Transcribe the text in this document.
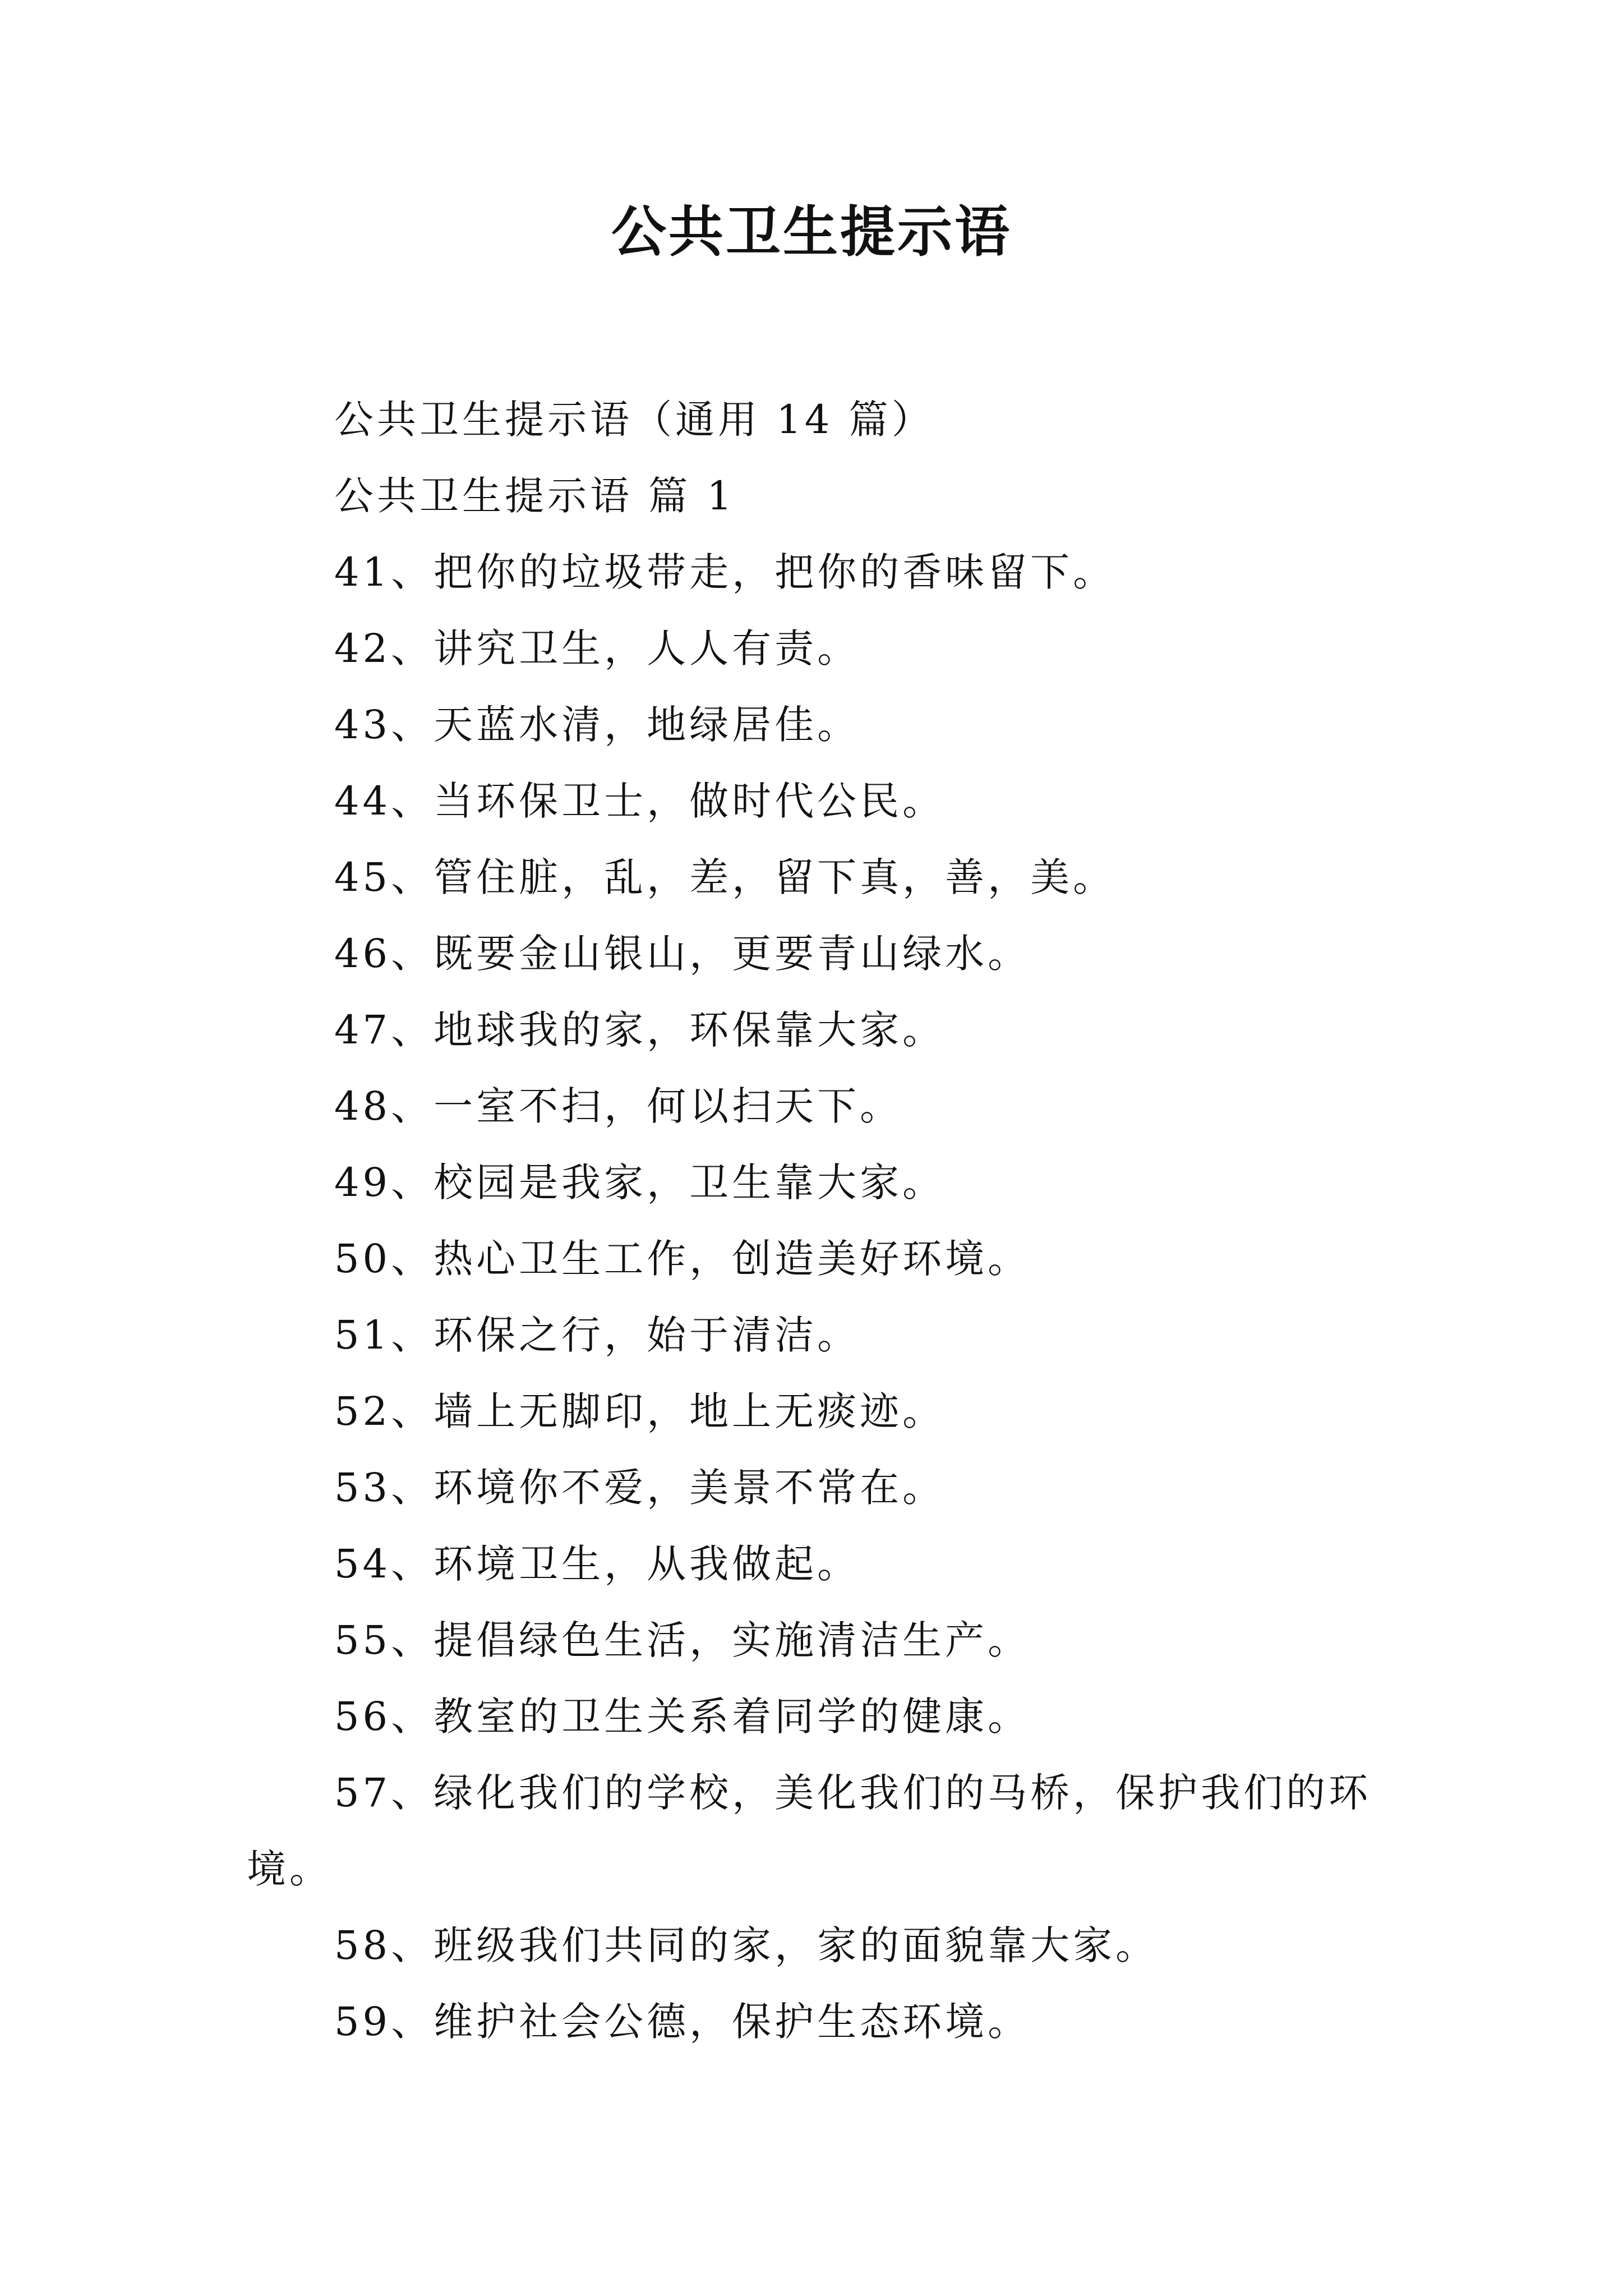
公共卫生提示语

公共卫生提示语（通用 14 篇）

公共卫生提示语 篇 1

41、把你的垃圾带走，把你的香味留下。

42、讲究卫生，人人有责。

43、天蓝水清，地绿居佳。

44、当环保卫士，做时代公民。

45、管住脏，乱，差，留下真，善，美。

46、既要金山银山，更要青山绿水。

47、地球我的家，环保靠大家。

48、一室不扫，何以扫天下。

49、校园是我家，卫生靠大家。

50、热心卫生工作，创造美好环境。

51、环保之行，始于清洁。

52、墙上无脚印，地上无痰迹。

53、环境你不爱，美景不常在。

54、环境卫生，从我做起。

55、提倡绿色生活，实施清洁生产。

56、教室的卫生关系着同学的健康。

57、绿化我们的学校，美化我们的马桥，保护我们的环境。

58、班级我们共同的家，家的面貌靠大家。

59、维护社会公德，保护生态环境。
